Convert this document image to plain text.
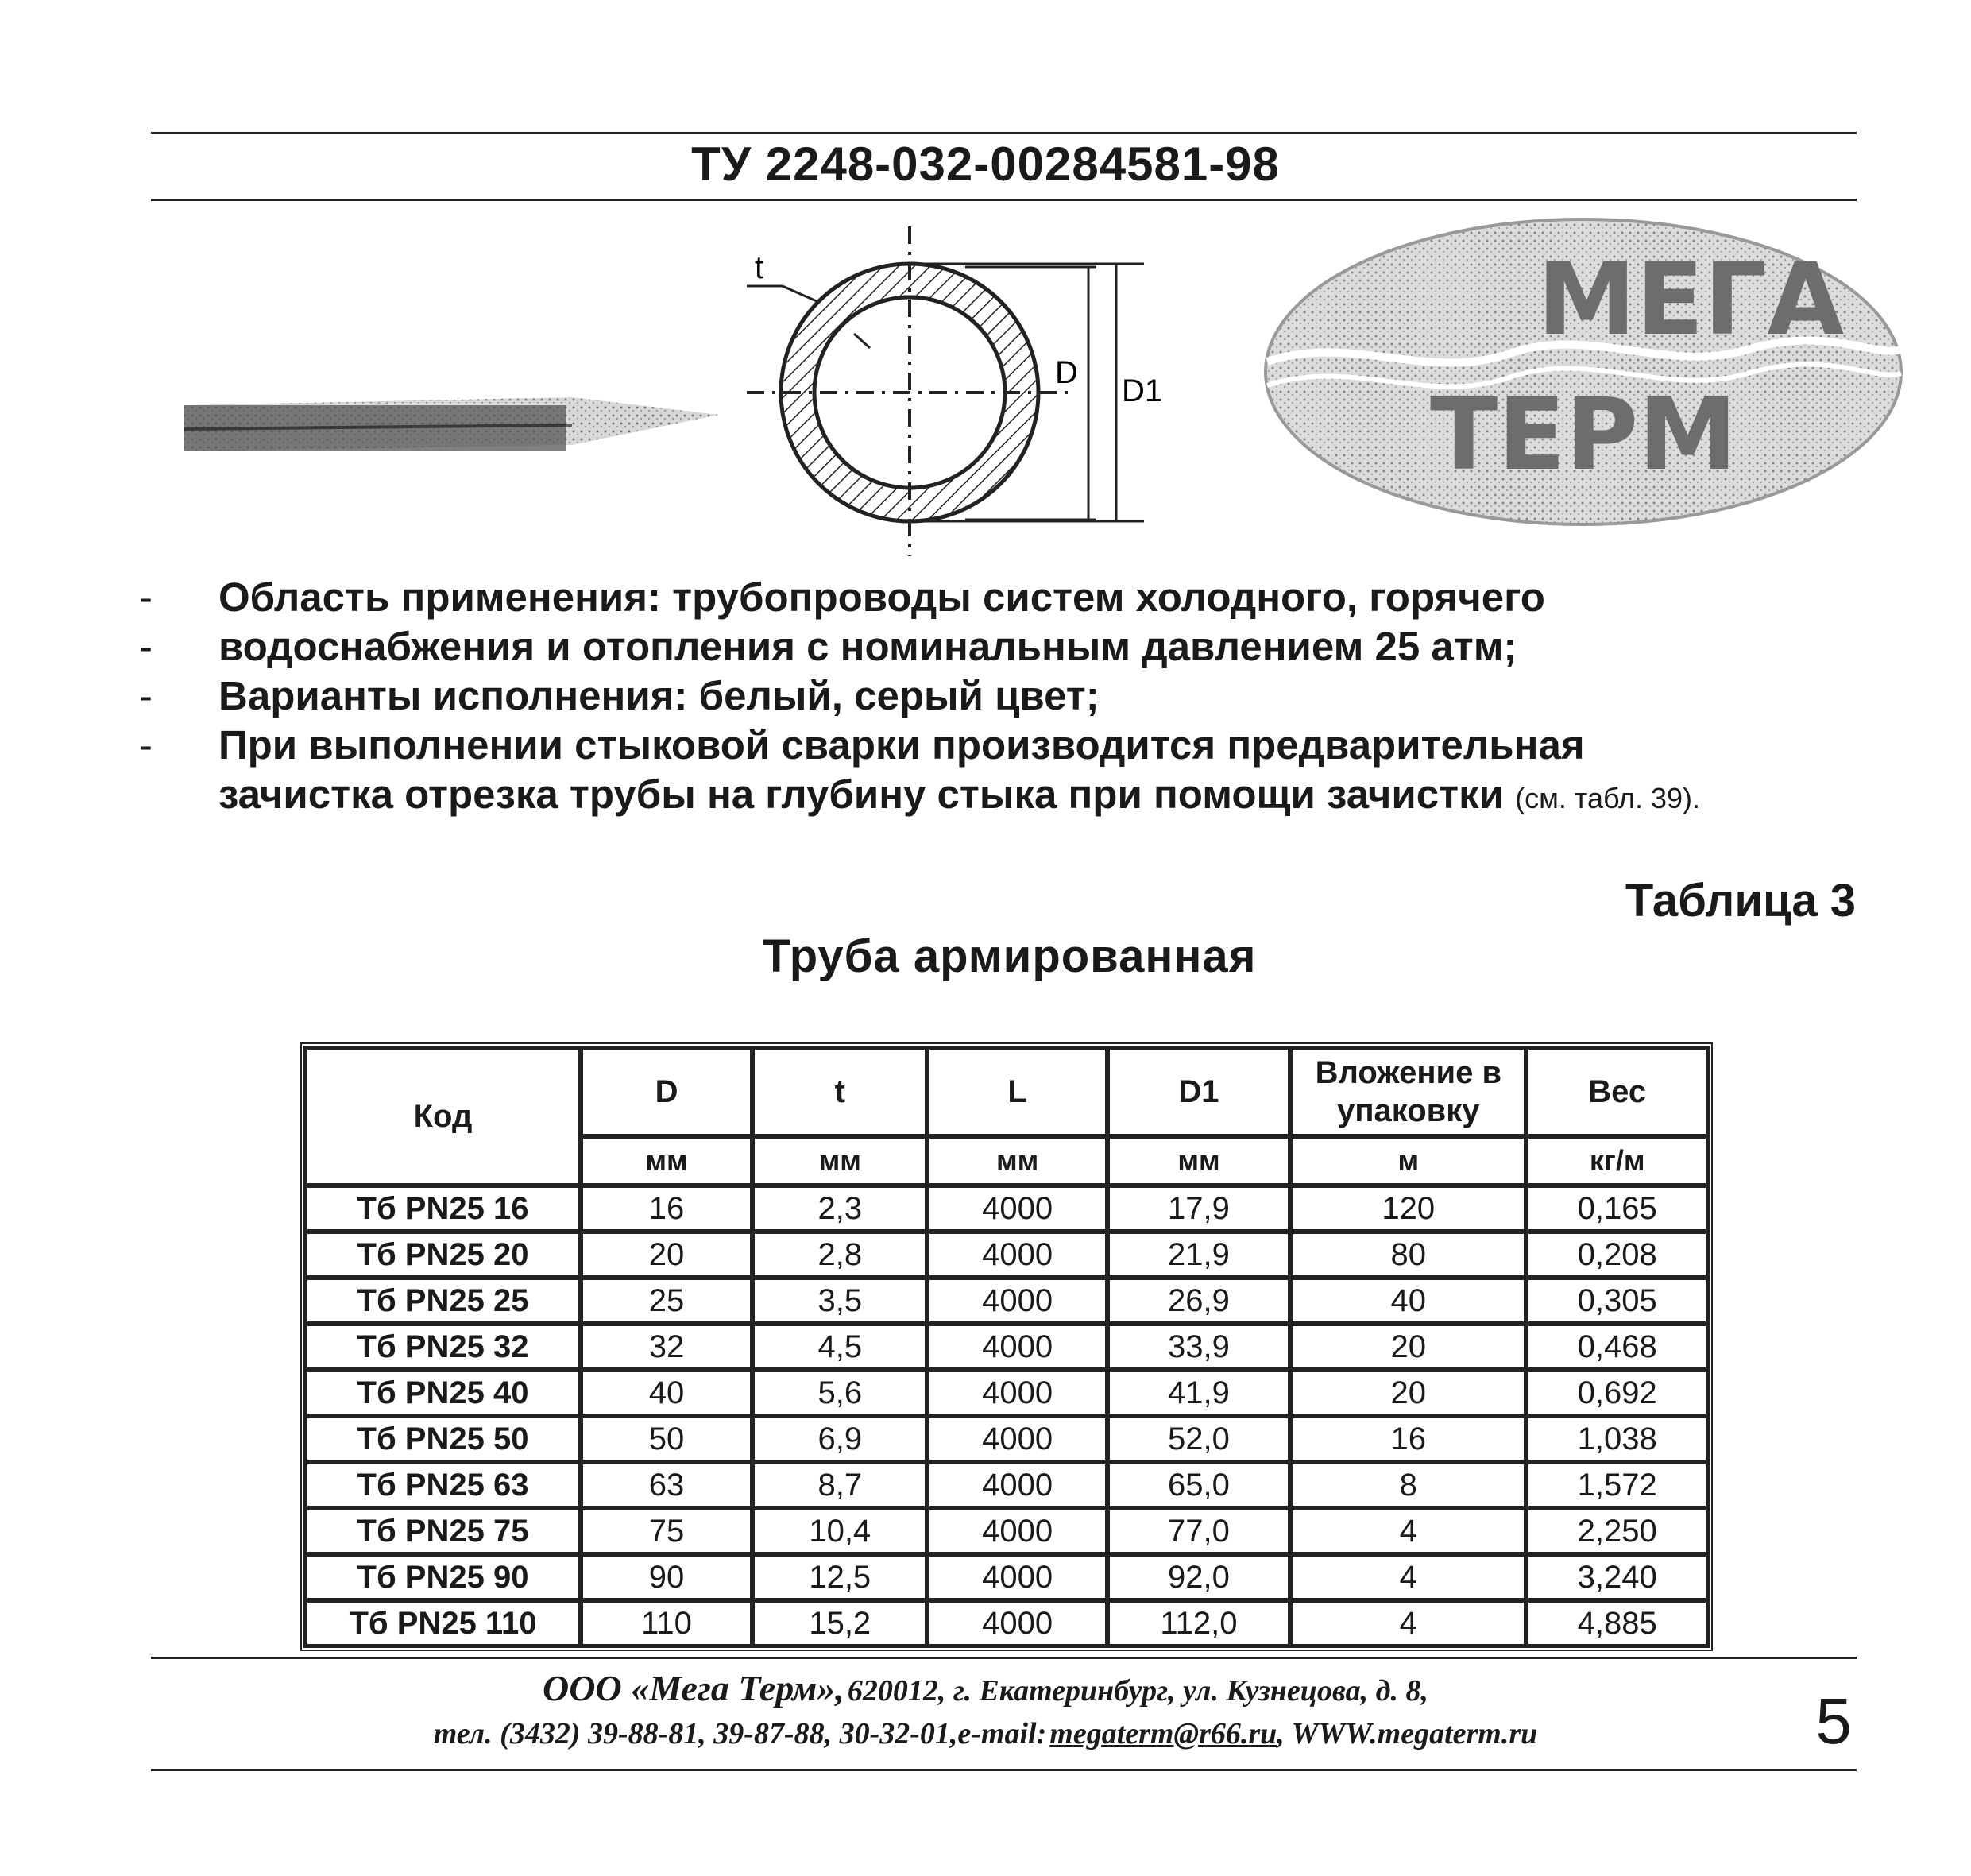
ТУ 2248-032-00284581-98
t
D
D1
МЕГА
ТЕРМ
- Область применения: трубопроводы систем холодного, горячего
- водоснабжения и отопления с номинальным давлением 25 атм;
- Варианты исполнения: белый, серый цвет;
- При выполнении стыковой сварки производится предварительная
зачистка отрезка трубы на глубину стыка при помощи зачистки (см. табл. 39).
Таблица 3
Труба армированная
Код	D	t	L	D1	Вложение в упаковку	Вес
	мм	мм	мм	мм	м	кг/м
Тб PN25 16	16	2,3	4000	17,9	120	0,165
Тб PN25 20	20	2,8	4000	21,9	80	0,208
Тб PN25 25	25	3,5	4000	26,9	40	0,305
Тб PN25 32	32	4,5	4000	33,9	20	0,468
Тб PN25 40	40	5,6	4000	41,9	20	0,692
Тб PN25 50	50	6,9	4000	52,0	16	1,038
Тб PN25 63	63	8,7	4000	65,0	8	1,572
Тб PN25 75	75	10,4	4000	77,0	4	2,250
Тб PN25 90	90	12,5	4000	92,0	4	3,240
Тб PN25 110	110	15,2	4000	112,0	4	4,885
ООО «Мега Терм», 620012, г. Екатеринбург, ул. Кузнецова, д. 8,
тел. (3432) 39-88-81, 39-87-88, 30-32-01,e-mail: megaterm@r66.ru, WWW.megaterm.ru	5
